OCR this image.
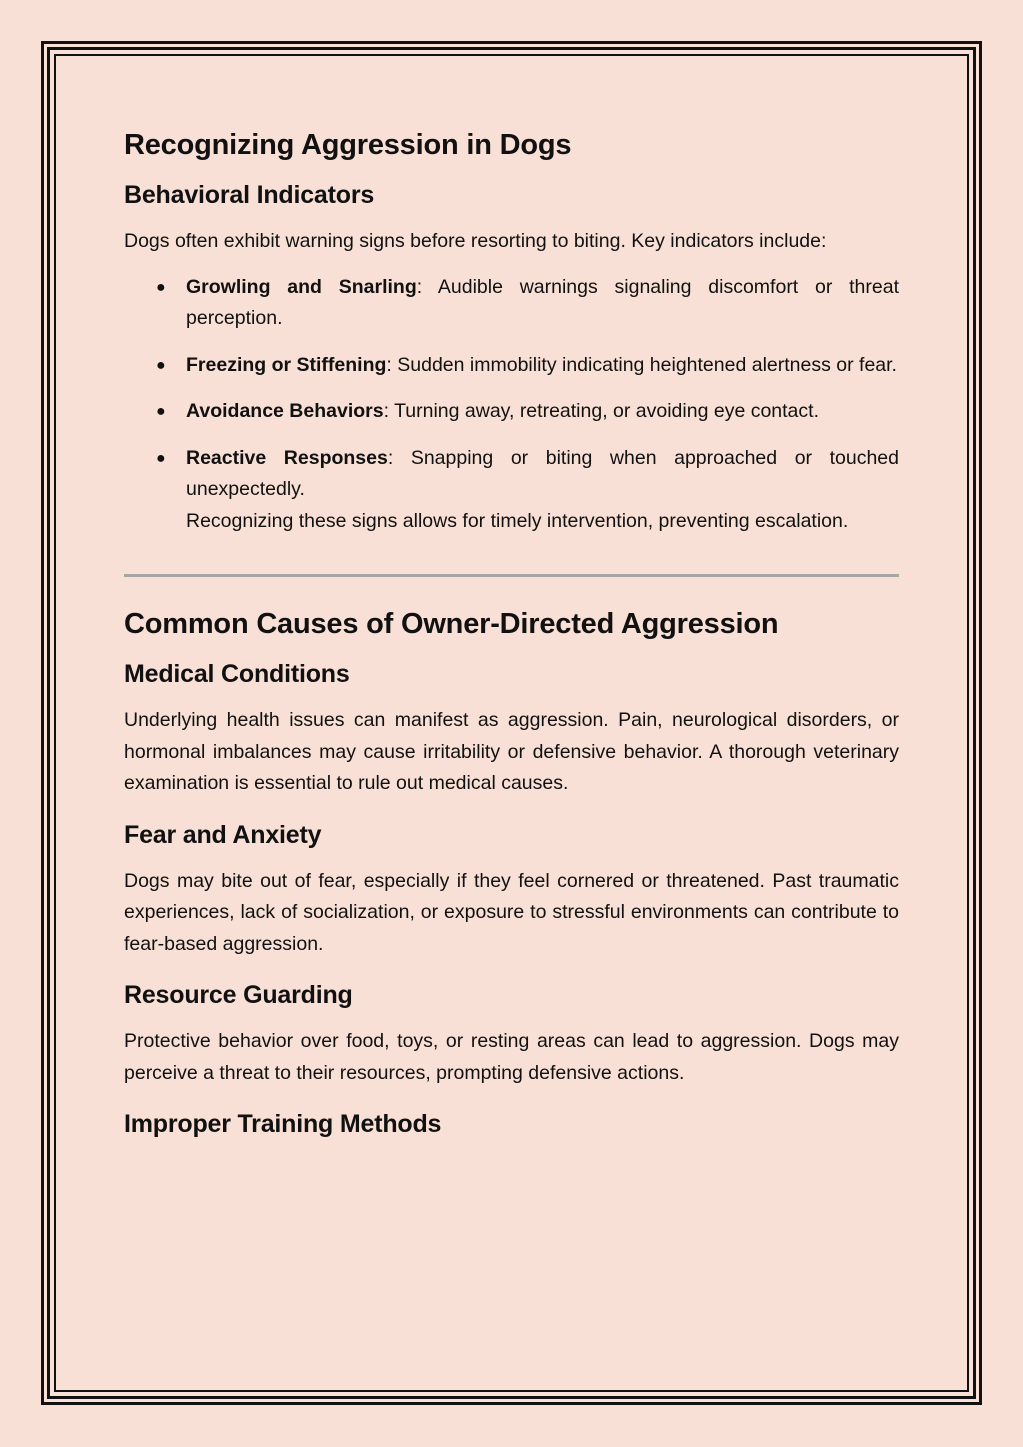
Recognizing Aggression in Dogs
Behavioral Indicators

Dogs often exhibit warning signs before resorting to biting. Key indicators include:

● Growling and Snarling: Audible warnings signaling discomfort or threat perception.
● Freezing or Stiffening: Sudden immobility indicating heightened alertness or fear.
● Avoidance Behaviors: Turning away, retreating, or avoiding eye contact.
● Reactive Responses: Snapping or biting when approached or touched unexpectedly.
Recognizing these signs allows for timely intervention, preventing escalation.
Common Causes of Owner-Directed Aggression
Medical Conditions

Underlying health issues can manifest as aggression. Pain, neurological disorders, or hormonal imbalances may cause irritability or defensive behavior. A thorough veterinary examination is essential to rule out medical causes.

Fear and Anxiety

Dogs may bite out of fear, especially if they feel cornered or threatened. Past traumatic experiences, lack of socialization, or exposure to stressful environments can contribute to fear-based aggression.

Resource Guarding

Protective behavior over food, toys, or resting areas can lead to aggression. Dogs may perceive a threat to their resources, prompting defensive actions.

Improper Training Methods
